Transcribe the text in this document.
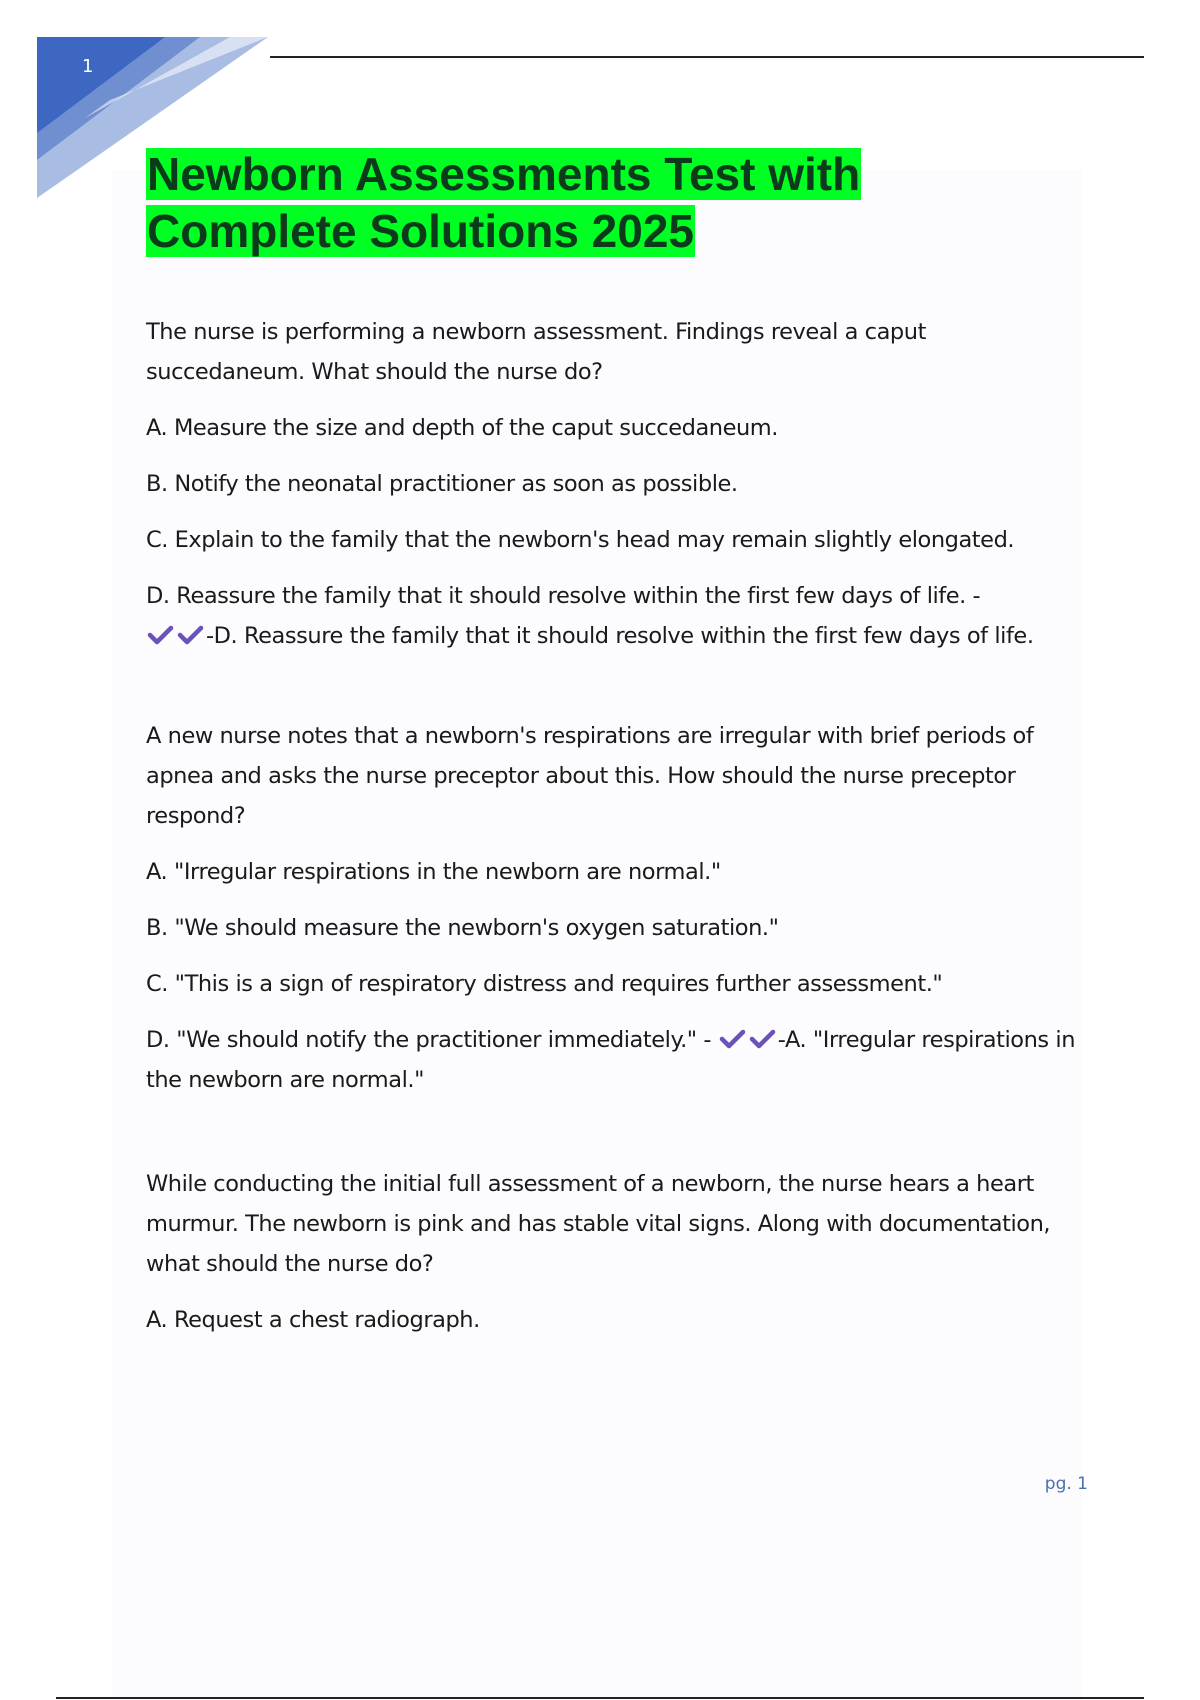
1
Newborn Assessments Test with
Complete Solutions 2025

The nurse is performing a newborn assessment. Findings reveal a caput succedaneum. What should the nurse do?

A. Measure the size and depth of the caput succedaneum.

B. Notify the neonatal practitioner as soon as possible.

C. Explain to the family that the newborn's head may remain slightly elongated.

D. Reassure the family that it should resolve within the first few days of life. -

-D. Reassure the family that it should resolve within the first few days of life.

A new nurse notes that a newborn's respirations are irregular with brief periods of apnea and asks the nurse preceptor about this. How should the nurse preceptor respond?

A. "Irregular respirations in the newborn are normal."

B. "We should measure the newborn's oxygen saturation."

C. "This is a sign of respiratory distress and requires further assessment."

D. "We should notify the practitioner immediately." -	-A. "Irregular respirations in the newborn are normal."

While conducting the initial full assessment of a newborn, the nurse hears a heart murmur. The newborn is pink and has stable vital signs. Along with documentation, what should the nurse do?

A. Request a chest radiograph.

pg. 1
